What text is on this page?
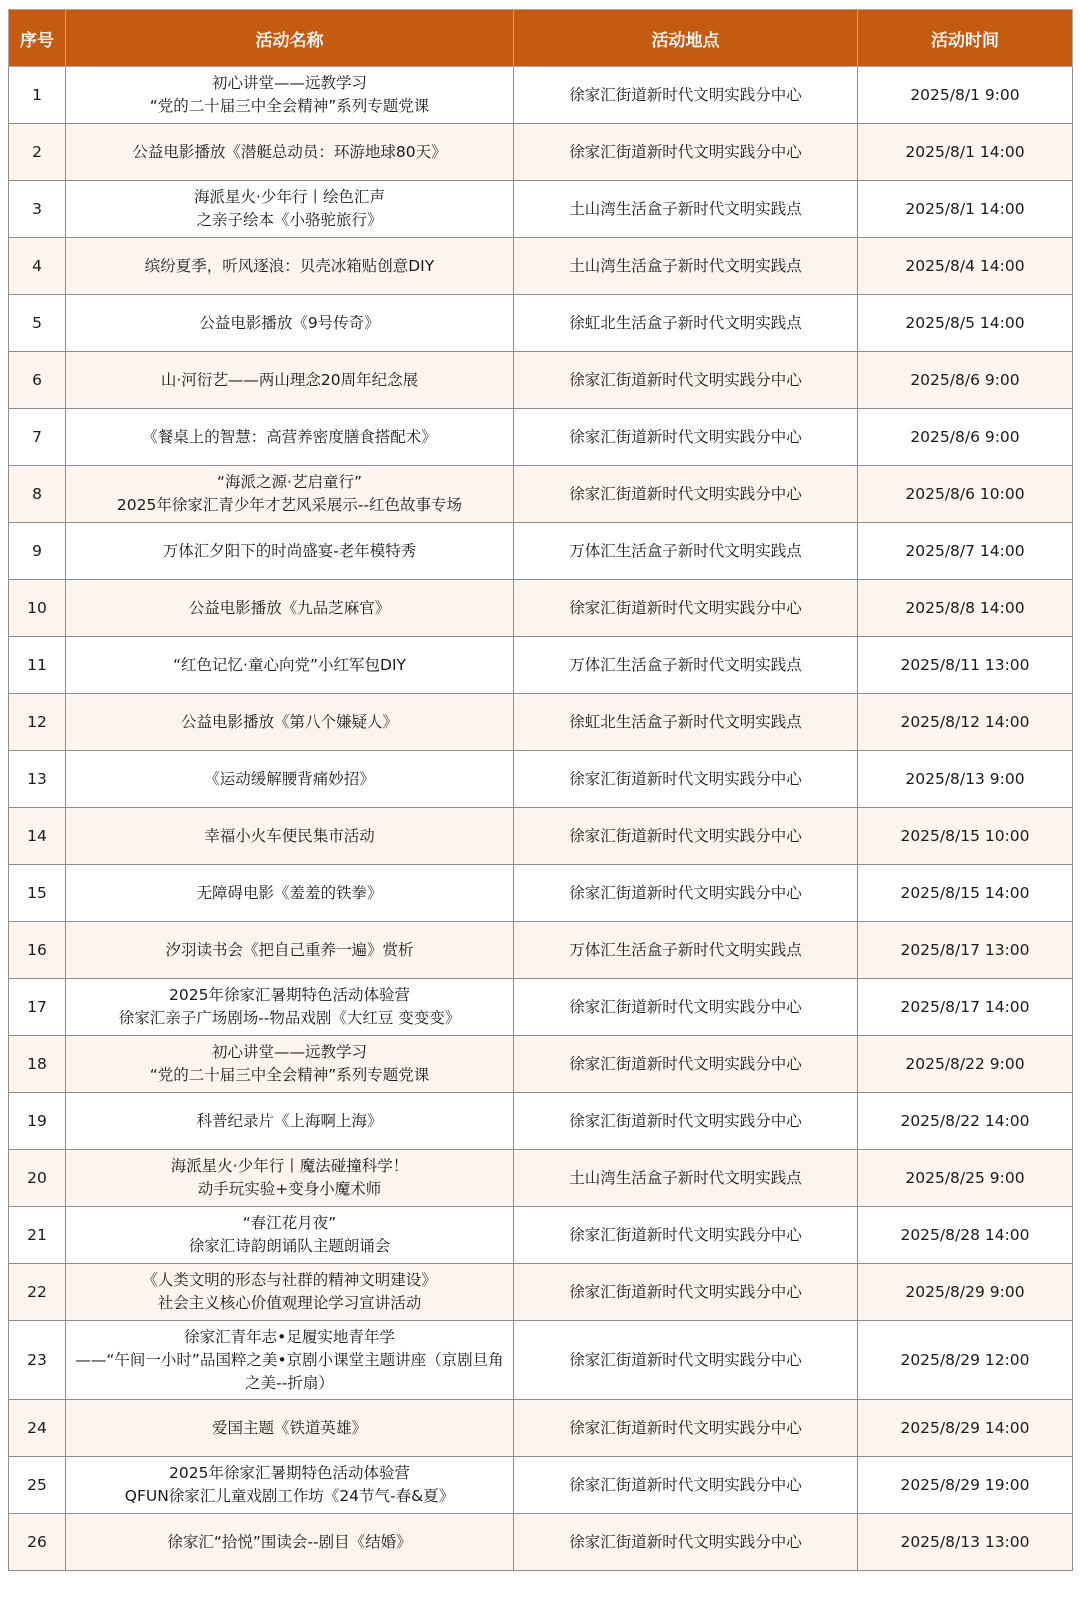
序号	活动名称	活动地点	活动时间
1	初心讲堂——远教学习
“党的二十届三中全会精神”系列专题党课	徐家汇街道新时代文明实践分中心	2025/8/1 9:00
2	公益电影播放《潜艇总动员：环游地球80天》	徐家汇街道新时代文明实践分中心	2025/8/1 14:00
3	海派星火·少年行丨绘色汇声
之亲子绘本《小骆驼旅行》	土山湾生活盒子新时代文明实践点	2025/8/1 14:00
4	缤纷夏季，听风逐浪：贝壳冰箱贴创意DIY	土山湾生活盒子新时代文明实践点	2025/8/4 14:00
5	公益电影播放《9号传奇》	徐虹北生活盒子新时代文明实践点	2025/8/5 14:00
6	山·河衍艺——两山理念20周年纪念展	徐家汇街道新时代文明实践分中心	2025/8/6 9:00
7	《餐桌上的智慧：高营养密度膳食搭配术》	徐家汇街道新时代文明实践分中心	2025/8/6 9:00
8	“海派之源·艺启童行”
2025年徐家汇青少年才艺风采展示--红色故事专场	徐家汇街道新时代文明实践分中心	2025/8/6 10:00
9	万体汇夕阳下的时尚盛宴-老年模特秀	万体汇生活盒子新时代文明实践点	2025/8/7 14:00
10	公益电影播放《九品芝麻官》	徐家汇街道新时代文明实践分中心	2025/8/8 14:00
11	“红色记忆·童心向党”小红军包DIY	万体汇生活盒子新时代文明实践点	2025/8/11 13:00
12	公益电影播放《第八个嫌疑人》	徐虹北生活盒子新时代文明实践点	2025/8/12 14:00
13	《运动缓解腰背痛妙招》	徐家汇街道新时代文明实践分中心	2025/8/13 9:00
14	幸福小火车便民集市活动	徐家汇街道新时代文明实践分中心	2025/8/15 10:00
15	无障碍电影《羞羞的铁拳》	徐家汇街道新时代文明实践分中心	2025/8/15 14:00
16	汐羽读书会《把自己重养一遍》赏析	万体汇生活盒子新时代文明实践点	2025/8/17 13:00
17	2025年徐家汇暑期特色活动体验营
徐家汇亲子广场剧场--物品戏剧《大红豆 变变变》	徐家汇街道新时代文明实践分中心	2025/8/17 14:00
18	初心讲堂——远教学习
“党的二十届三中全会精神”系列专题党课	徐家汇街道新时代文明实践分中心	2025/8/22 9:00
19	科普纪录片《上海啊上海》	徐家汇街道新时代文明实践分中心	2025/8/22 14:00
20	海派星火·少年行丨魔法碰撞科学！
动手玩实验+变身小魔术师	土山湾生活盒子新时代文明实践点	2025/8/25 9:00
21	“春江花月夜”
徐家汇诗韵朗诵队主题朗诵会	徐家汇街道新时代文明实践分中心	2025/8/28 14:00
22	《人类文明的形态与社群的精神文明建设》
社会主义核心价值观理论学习宣讲活动	徐家汇街道新时代文明实践分中心	2025/8/29 9:00
23	徐家汇青年志•足履实地青年学
——“午间一小时”品国粹之美•京剧小课堂主题讲座（京剧旦角之美--折扇）	徐家汇街道新时代文明实践分中心	2025/8/29 12:00
24	爱国主题《铁道英雄》	徐家汇街道新时代文明实践分中心	2025/8/29 14:00
25	2025年徐家汇暑期特色活动体验营
QFUN徐家汇儿童戏剧工作坊《24节气-春&夏》	徐家汇街道新时代文明实践分中心	2025/8/29 19:00
26	徐家汇“拾悦”围读会--剧目《结婚》	徐家汇街道新时代文明实践分中心	2025/8/13 13:00
